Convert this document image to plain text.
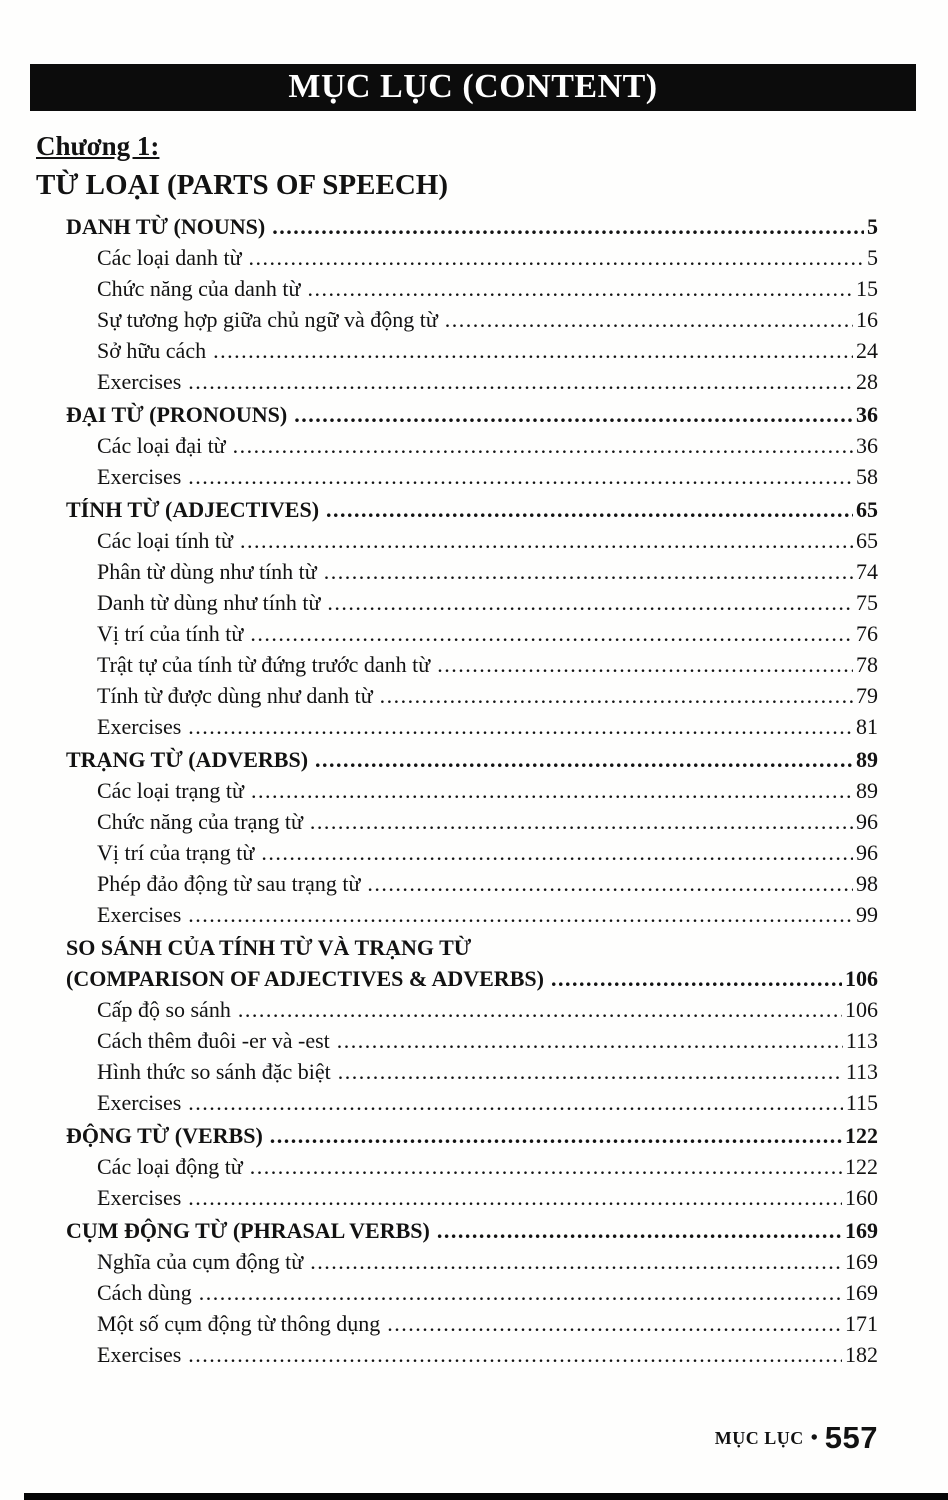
MỤC LỤC (CONTENT)
Chương 1:
TỪ LOẠI (PARTS OF SPEECH)
DANH TỪ (NOUNS) .....	5
Các loại danh từ .....	5
Chức năng của danh từ .....	15
Sự tương hợp giữa chủ ngữ và động từ .....	16
Sở hữu cách .....	24
Exercises .....	28
ĐẠI TỪ (PRONOUNS) .....	36
Các loại đại từ .....	36
Exercises .....	58
TÍNH TỪ (ADJECTIVES) .....	65
Các loại tính từ .....	65
Phân từ dùng như tính từ .....	74
Danh từ dùng như tính từ .....	75
Vị trí của tính từ .....	76
Trật tự của tính từ đứng trước danh từ .....	78
Tính từ được dùng như danh từ .....	79
Exercises .....	81
TRẠNG TỪ (ADVERBS) .....	89
Các loại trạng từ .....	89
Chức năng của trạng từ .....	96
Vị trí của trạng từ .....	96
Phép đảo động từ sau trạng từ .....	98
Exercises .....	99
SO SÁNH CỦA TÍNH TỪ VÀ TRẠNG TỪ
(COMPARISON OF ADJECTIVES & ADVERBS) .....	106
Cấp độ so sánh .....	106
Cách thêm đuôi -er và -est .....	113
Hình thức so sánh đặc biệt .....	113
Exercises .....	115
ĐỘNG TỪ (VERBS) .....	122
Các loại động từ .....	122
Exercises .....	160
CỤM ĐỘNG TỪ (PHRASAL VERBS) .....	169
Nghĩa của cụm động từ .....	169
Cách dùng .....	169
Một số cụm động từ thông dụng .....	171
Exercises .....	182
MỤC LỤC • 557
